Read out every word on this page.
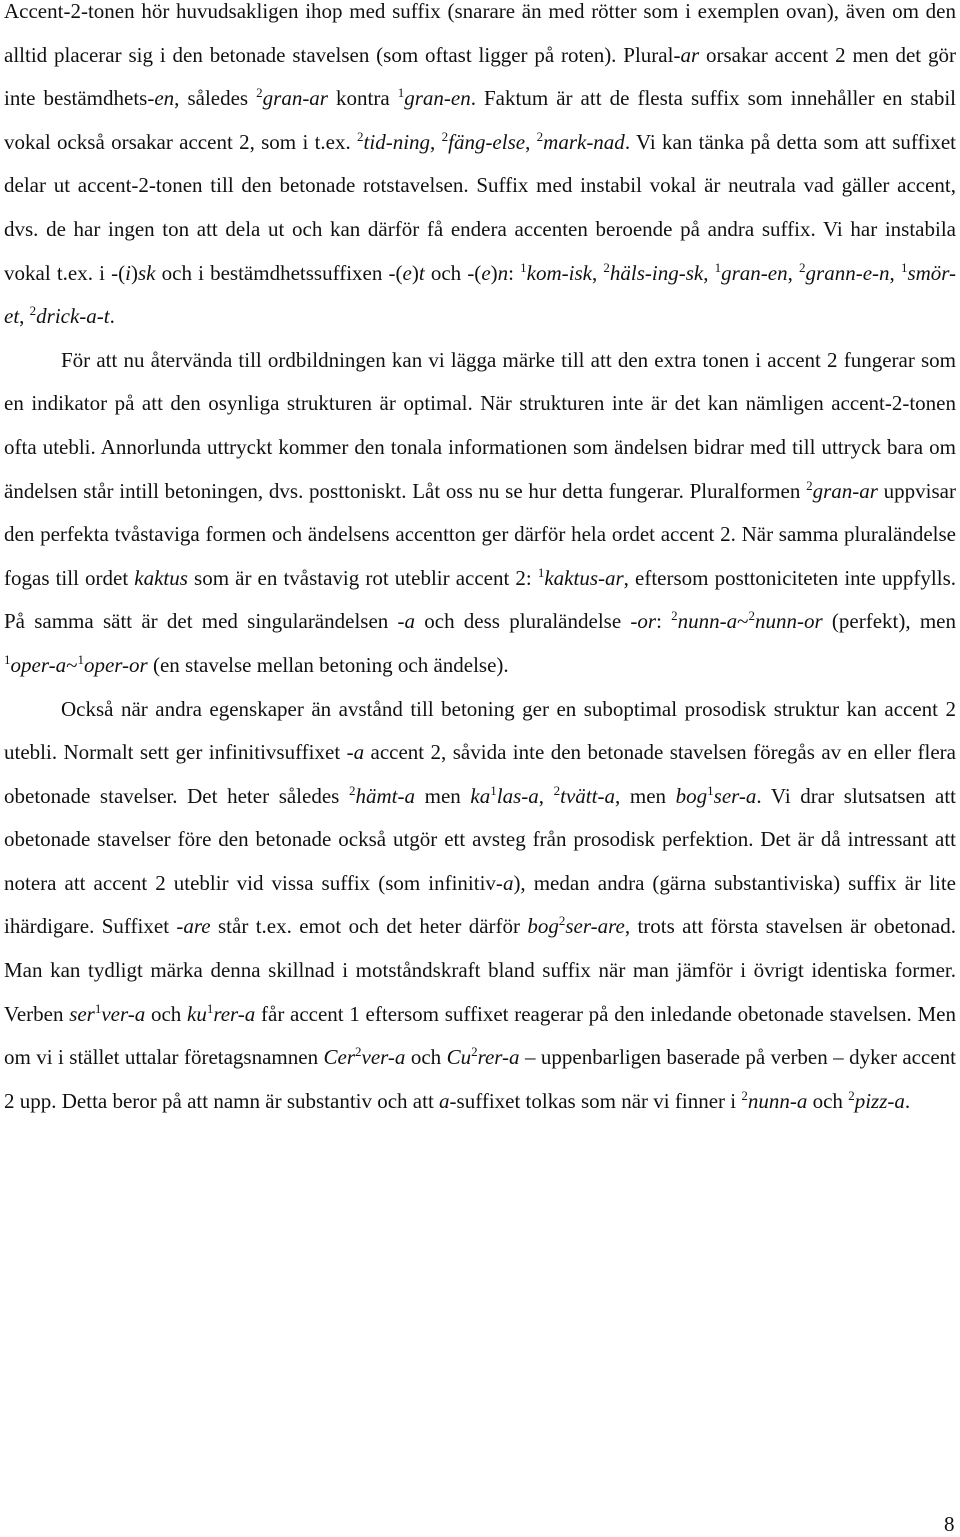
Accent-2-tonen hör huvudsakligen ihop med suffix (snarare än med rötter som i exemplen ovan), även om den alltid placerar sig i den betonade stavelsen (som oftast ligger på roten). Plural-ar orsakar accent 2 men det gör inte bestämdhets-en, således $^2$gran-ar kontra $^1$gran-en. Faktum är att de flesta suffix som innehåller en stabil vokal också orsakar accent 2, som i t.ex. $^2$tid-ning, $^2$fäng-else, $^2$mark-nad. Vi kan tänka på detta som att suffixet delar ut accent-2-tonen till den betonade rotstavelsen. Suffix med instabil vokal är neutrala vad gäller accent, dvs. de har ingen ton att dela ut och kan därför få endera accenten beroende på andra suffix. Vi har instabila vokal t.ex. i -(i)sk och i bestämdhetssuffixen -(e)t och -(e)n: $^1$kom-isk, $^2$häls-ing-sk, $^1$gran-en, $^2$grann-e-n, $^1$smör-et, $^2$drick-a-t.

För att nu återvända till ordbildningen kan vi lägga märke till att den extra tonen i accent 2 fungerar som en indikator på att den osynliga strukturen är optimal. När strukturen inte är det kan nämligen accent-2-tonen ofta utebli. Annorlunda uttryckt kommer den tonala informationen som ändelsen bidrar med till uttryck bara om ändelsen står intill betoningen, dvs. posttoniskt. Låt oss nu se hur detta fungerar. Pluralformen $^2$gran-ar uppvisar den perfekta tvåstaviga formen och ändelsens accentton ger därför hela ordet accent 2. När samma pluraländelse fogas till ordet kaktus som är en tvåstavig rot uteblir accent 2: $^1$kaktus-ar, eftersom posttoniciteten inte uppfylls. På samma sätt är det med singularändelsen -a och dess pluraländelse -or: $^2$nunn-a~$^2$nunn-or (perfekt), men $^1$oper-a~$^1$oper-or (en stavelse mellan betoning och ändelse).

Också när andra egenskaper än avstånd till betoning ger en suboptimal prosodisk struktur kan accent 2 utebli. Normalt sett ger infinitivsuffixet -a accent 2, såvida inte den betonade stavelsen föregås av en eller flera obetonade stavelser. Det heter således $^2$hämt-a men $ka^1las-a$, $^2$tvätt-a, men bog$^1$ser-a. Vi drar slutsatsen att obetonade stavelser före den betonade också utgör ett avsteg från prosodisk perfektion. Det är då intressant att notera att accent 2 uteblir vid vissa suffix (som infinitiv-a), medan andra (gärna substantiviska) suffix är lite ihärdigare. Suffixet -are står t.ex. emot och det heter därför bog$^2$ser-are, trots att första stavelsen är obetonad. Man kan tydligt märka denna skillnad i motståndskraft bland suffix när man jämför i övrigt identiska former. Verben ser$^1$ver-a och $ku^1rer-a$ får accent 1 eftersom suffixet reagerar på den inledande obetonade stavelsen. Men om vi i stället uttalar företagsnamnen Cer$^2$ver-a och Cu$^2$rer-a – uppenbarligen baserade på verben – dyker accent 2 upp. Detta beror på att namn är substantiv och att a-suffixet tolkas som när vi finner i $^2$nunn-a och $^2$pizz-a.

8
